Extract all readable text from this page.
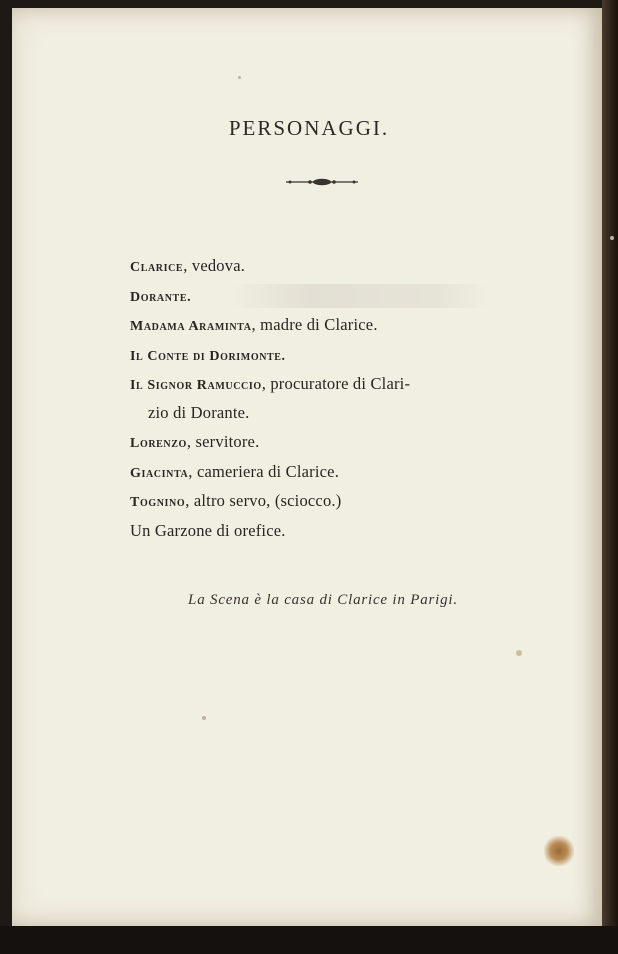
PERSONAGGI.
Clarice, vedova.
Dorante.
Madama Araminta, madre di Clarice.
Il Conte di Dorimonte.
Il Signor Ramuccio, procuratore di Clari-
zio di Dorante.
Lorenzo, servitore.
Giacinta, cameriera di Clarice.
Tognino, altro servo, (sciocco.)
Un Garzone di orefice.
La Scena è la casa di Clarice in Parigi.
